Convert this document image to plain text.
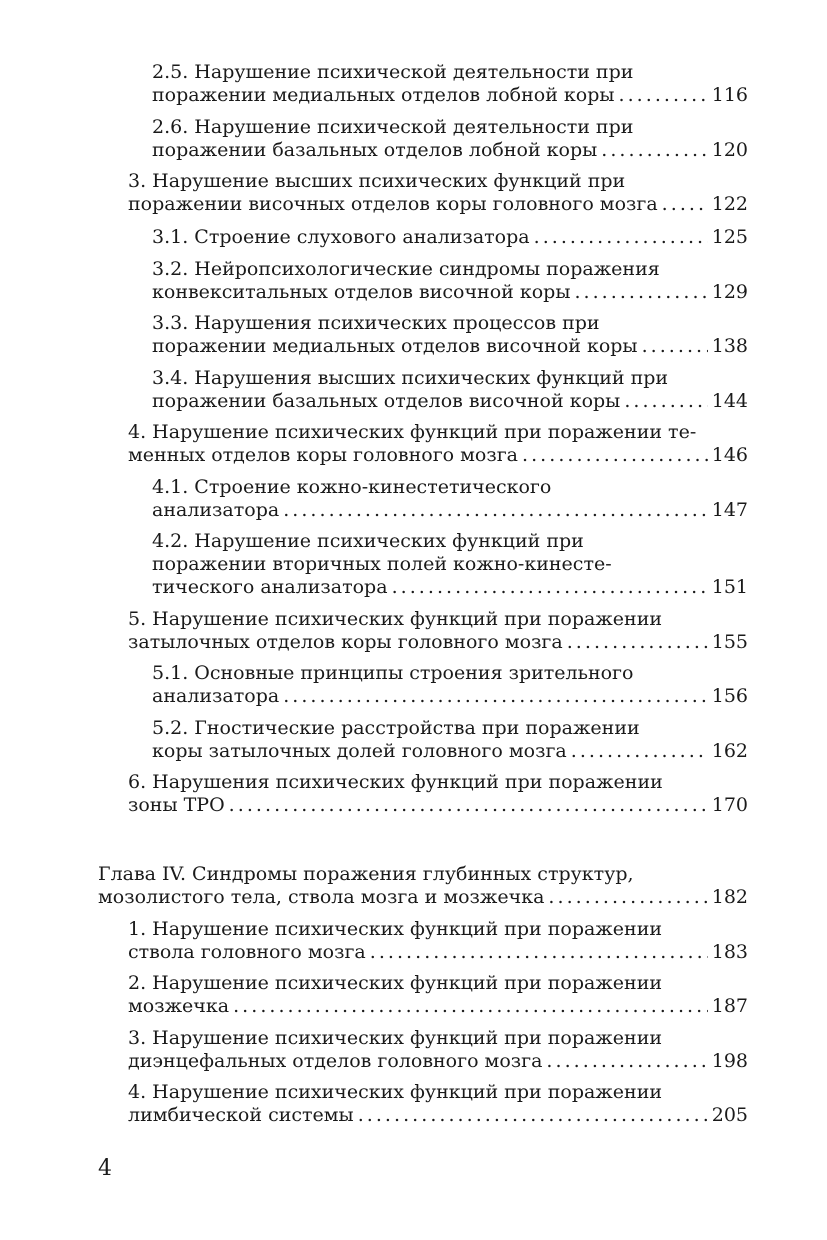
2.5. Нарушение психической деятельности при
поражении медиальных отделов лобной коры . . .	116
2.6. Нарушение психической деятельности при
поражении базальных отделов лобной коры . . .	120
3. Нарушение высших психических функций при
поражении височных отделов коры головного мозга . . .	122
3.1. Строение слухового анализатора . . .	125
3.2. Нейропсихологические синдромы поражения
конвекситальных отделов височной коры . . .	129
3.3. Нарушения психических процессов при
поражении медиальных отделов височной коры . . .	138
3.4. Нарушения высших психических функций при
поражении базальных отделов височной коры . . .	144
4. Нарушение психических функций при поражении те-
менных отделов коры головного мозга . . .	146
4.1. Строение кожно-кинестетического
анализатора . . .	147
4.2. Нарушение психических функций при
поражении вторичных полей кожно-кинесте-
тического анализатора . . .	151
5. Нарушение психических функций при поражении
затылочных отделов коры головного мозга . . .	155
5.1. Основные принципы строения зрительного
анализатора . . .	156
5.2. Гностические расстройства при поражении
коры затылочных долей головного мозга . . .	162
6. Нарушения психических функций при поражении
зоны ТРО . . .	170
Глава IV. Синдромы поражения глубинных структур,
мозолистого тела, ствола мозга и мозжечка . . .	182
1. Нарушение психических функций при поражении
ствола головного мозга . . .	183
2. Нарушение психических функций при поражении
мозжечка . . .	187
3. Нарушение психических функций при поражении
диэнцефальных отделов головного мозга . . .	198
4. Нарушение психических функций при поражении
лимбической системы . . .	205
4
